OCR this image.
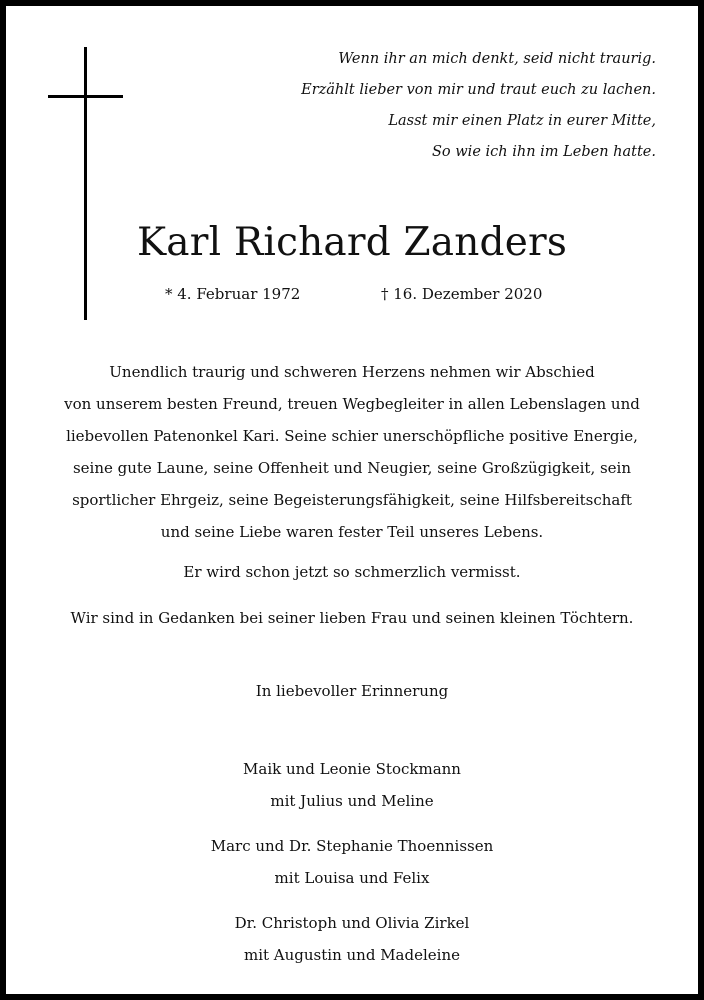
Wenn ihr an mich denkt, seid nicht traurig.
Erzählt lieber von mir und traut euch zu lachen.
Lasst mir einen Platz in eurer Mitte,
So wie ich ihn im Leben hatte.
Karl Richard Zanders
* 4. Februar 1972	† 16. Dezember 2020
Unendlich traurig und schweren Herzens nehmen wir Abschied
von unserem besten Freund, treuen Wegbegleiter in allen Lebenslagen und
liebevollen Patenonkel Kari. Seine schier unerschöpfliche positive Energie,
seine gute Laune, seine Offenheit und Neugier, seine Großzügigkeit, sein
sportlicher Ehrgeiz, seine Begeisterungsfähigkeit, seine Hilfsbereitschaft
und seine Liebe waren fester Teil unseres Lebens.
Er wird schon jetzt so schmerzlich vermisst.
Wir sind in Gedanken bei seiner lieben Frau und seinen kleinen Töchtern.
In liebevoller Erinnerung
Maik und Leonie Stockmann
mit Julius und Meline
Marc und Dr. Stephanie Thoennissen
mit Louisa und Felix
Dr. Christoph und Olivia Zirkel
mit Augustin und Madeleine
